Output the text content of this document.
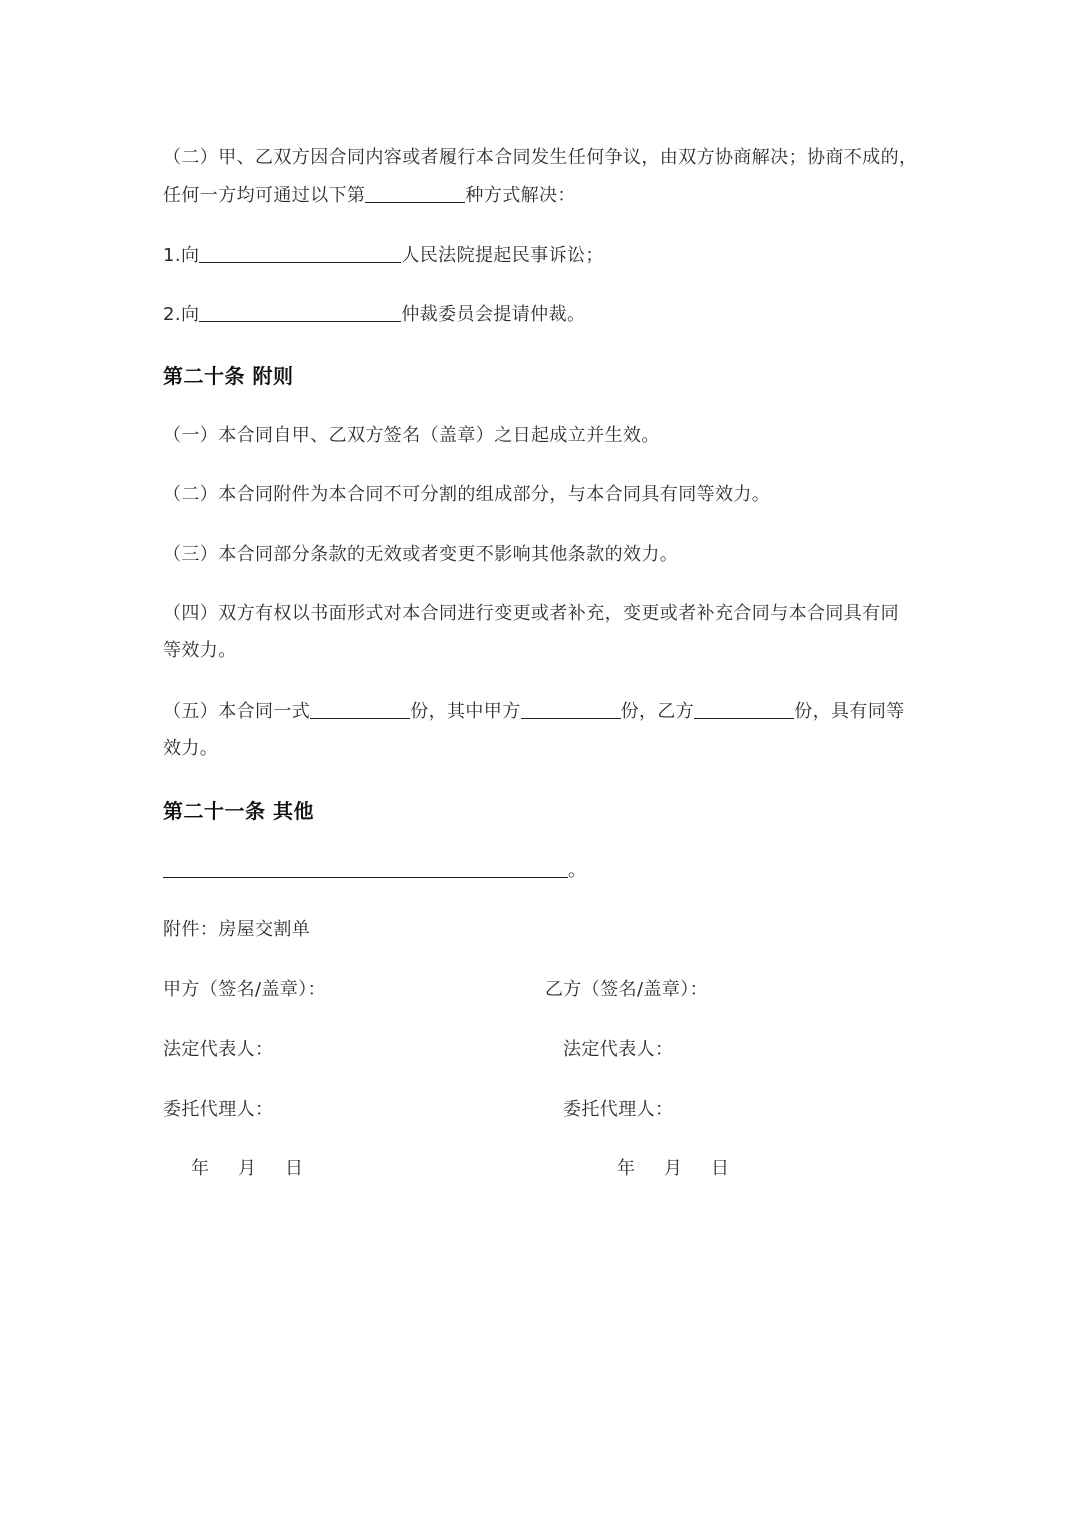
（二）甲、乙双方因合同内容或者履行本合同发生任何争议，由双方协商解决；协商不成的，
任何一方均可通过以下第	种方式解决：
1.向	人民法院提起民事诉讼；
2.向	仲裁委员会提请仲裁。
第二十条 附则
（一）本合同自甲、乙双方签名（盖章）之日起成立并生效。
（二）本合同附件为本合同不可分割的组成部分，与本合同具有同等效力。
（三）本合同部分条款的无效或者变更不影响其他条款的效力。
（四）双方有权以书面形式对本合同进行变更或者补充，变更或者补充合同与本合同具有同
等效力。
（五）本合同一式	份，其中甲方	份，乙方	份，具有同等
效力。
第二十一条 其他
。
附件：房屋交割单
甲方（签名/盖章）：	乙方（签名/盖章）：
法定代表人：	法定代表人：
委托代理人：	委托代理人：
年 月 日	年 月 日
